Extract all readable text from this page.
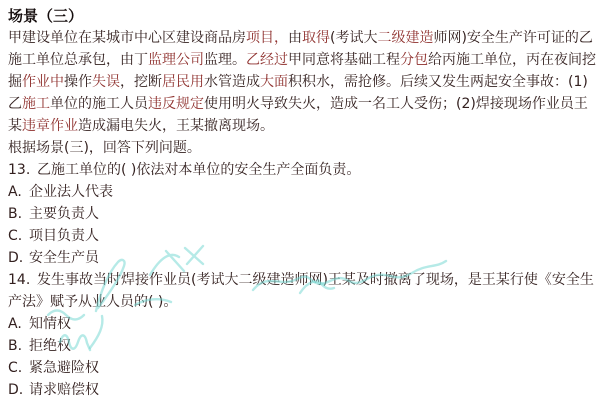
场景（三）
甲建设单位在某城市中心区建设商品房项目，由取得(考试大二级建造师网)安全生产许可证的乙
施工单位总承包，由丁监理公司监理。乙经过甲同意将基础工程分包给丙施工单位，丙在夜间挖
掘作业中操作失误，挖断居民用水管造成大面积积水，需抢修。后续又发生两起安全事故：(1)
乙施工单位的施工人员违反规定使用明火导致失火，造成一名工人受伤；(2)焊接现场作业员王
某违章作业造成漏电失火，王某撤离现场。
根据场景(三)，回答下列问题。
13. 乙施工单位的( )依法对本单位的安全生产全面负责。
A. 企业法人代表
B. 主要负责人
C. 项目负责人
D. 安全生产员
14. 发生事故当时焊接作业员(考试大二级建造师网)王某及时撤离了现场，是王某行使《安全生
产法》赋予从业人员的( )。
A. 知情权
B. 拒绝权
C. 紧急避险权
D. 请求赔偿权
